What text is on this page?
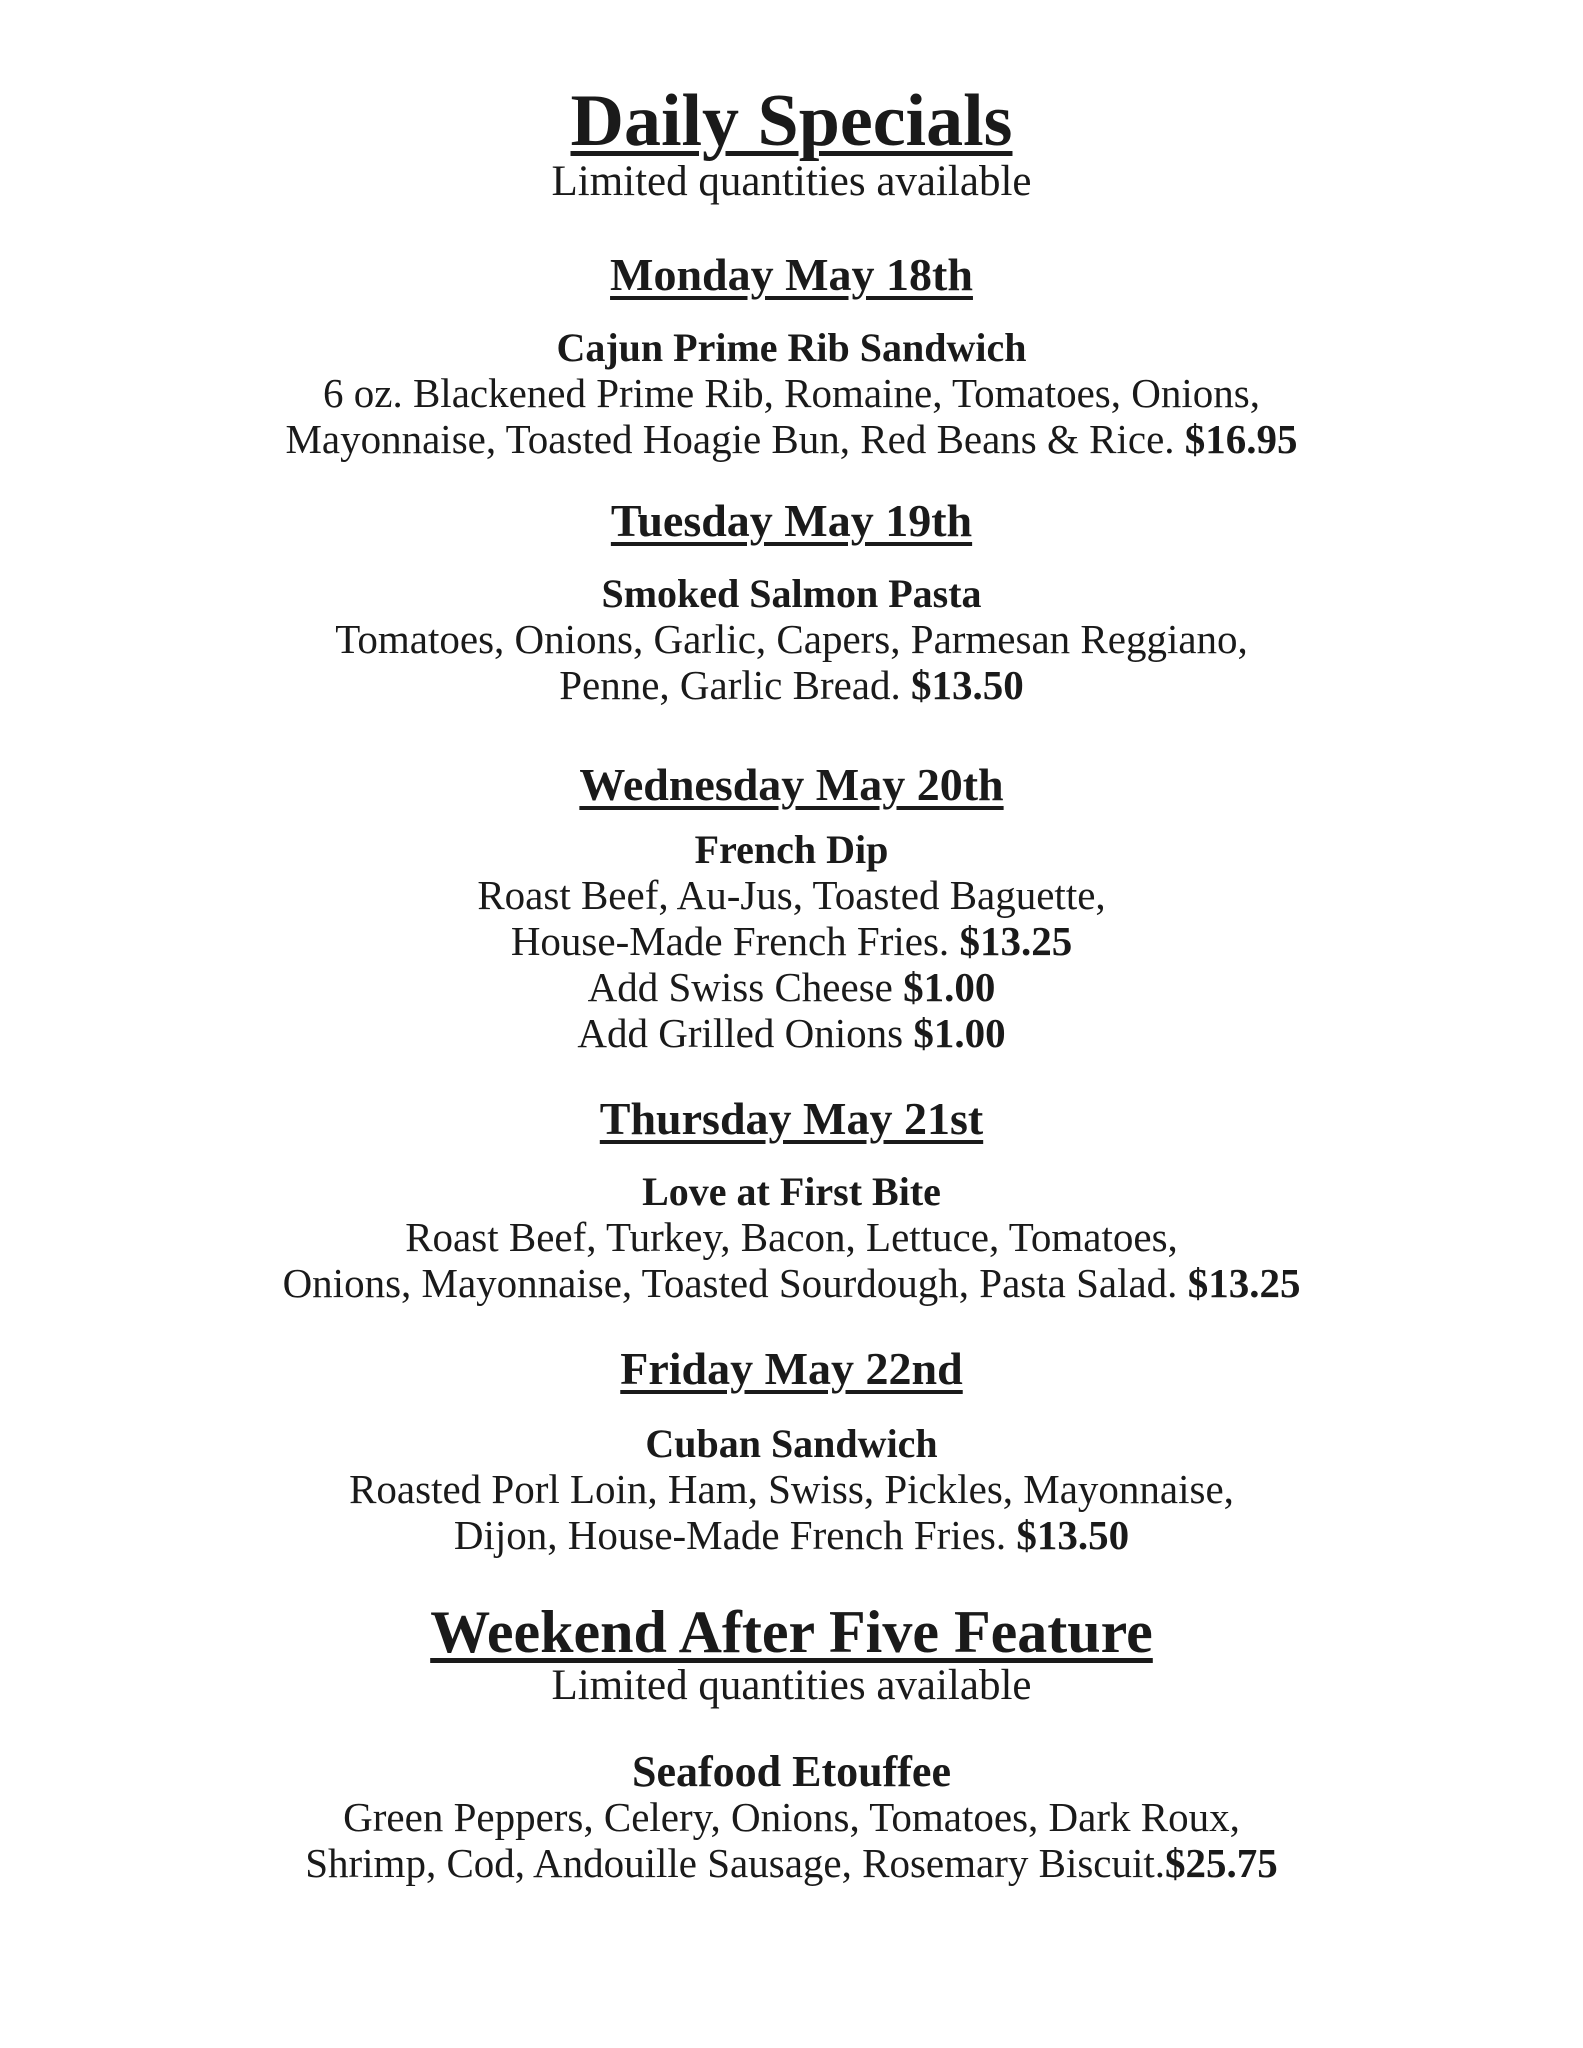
Daily Specials

Limited quantities available

Monday May 18th
Cajun Prime Rib Sandwich

6 oz. Blackened Prime Rib, Romaine, Tomatoes, Onions,
Mayonnaise, Toasted Hoagie Bun, Red Beans & Rice. $16.95

Tuesday May 19th
Smoked Salmon Pasta

Tomatoes, Onions, Garlic, Capers, Parmesan Reggiano,
Penne, Garlic Bread. $13.50

Wednesday May 20th
French Dip

Roast Beef, Au-Jus, Toasted Baguette,
House-Made French Fries. $13.25
Add Swiss Cheese $1.00
Add Grilled Onions $1.00

Thursday May 21st
Love at First Bite

Roast Beef, Turkey, Bacon, Lettuce, Tomatoes,
Onions, Mayonnaise, Toasted Sourdough, Pasta Salad. $13.25

Friday May 22nd
Cuban Sandwich

Roasted Porl Loin, Ham, Swiss, Pickles, Mayonnaise,
Dijon, House-Made French Fries. $13.50

Weekend After Five Feature

Limited quantities available

Seafood Etouffee

Green Peppers, Celery, Onions, Tomatoes, Dark Roux,
Shrimp, Cod, Andouille Sausage, Rosemary Biscuit.$25.75
